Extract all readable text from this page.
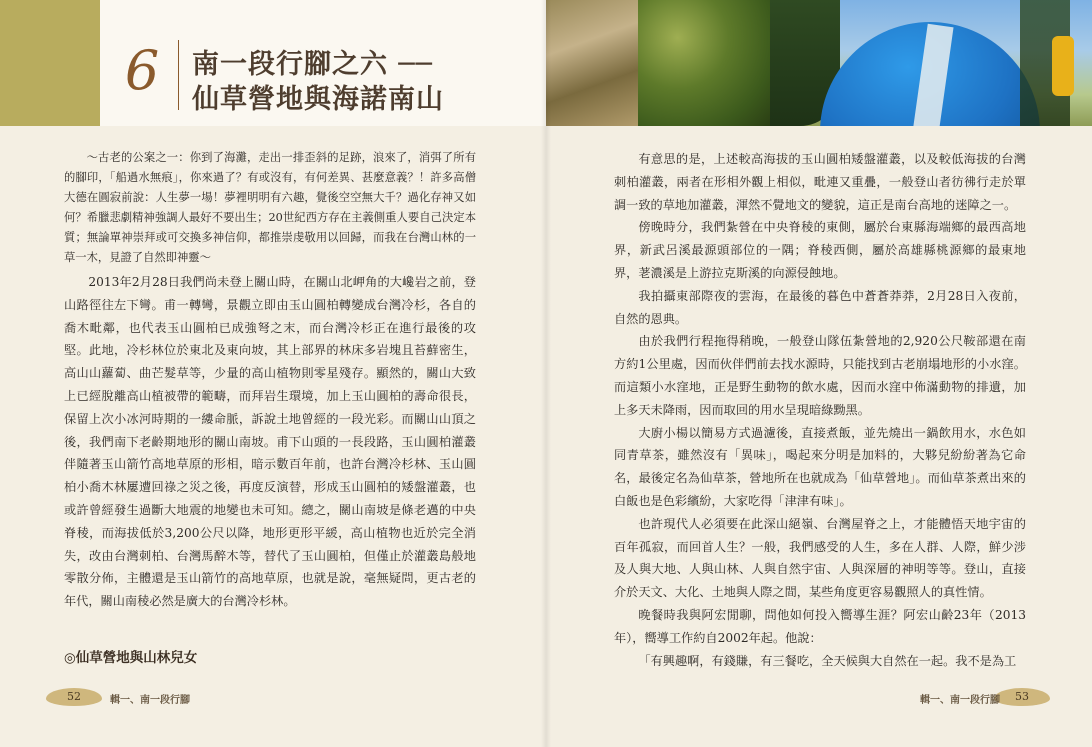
6 南一段行腳之六 ──
仙草營地與海諾南山

～古老的公案之一：你到了海灘，走出一排歪斜的足跡，浪來了，消弭了所有的腳印，「船過水無痕」，你來過了？有或沒有，有何差異、甚麼意義？！許多高僧大德在圓寂前說：人生夢一場！夢裡明明有六趣，覺後空空無大千？過化存神又如何？希臘悲劇精神強調人最好不要出生；20世紀西方存在主義側重人要自己決定本質；無論單神崇拜或可交換多神信仰，都推崇虔敬用以回歸，而我在台灣山林的一草一木，見證了自然即神靈～

2013年2月28日我們尚未登上關山時，在關山北岬角的大巉岩之前，登山路徑往左下彎。甫一轉彎，景觀立即由玉山圓柏轉變成台灣冷杉，各自的喬木毗鄰，也代表玉山圓柏已成強弩之末，而台灣冷杉正在進行最後的攻堅。此地，冷杉林位於東北及東向坡，其上部界的林床多岩塊且苔蘚密生，高山山蘿蔔、曲芒髮草等，少量的高山植物則零星殘存。顯然的，關山大致上已經脫離高山植被帶的範疇，而拜岩生環境，加上玉山圓柏的壽命很長，保留上次小冰河時期的一縷命脈，訴說土地曾經的一段光彩。而關山山頂之後，我們南下老齡期地形的關山南坡。甫下山頭的一長段路，玉山圓柏灌叢伴隨著玉山箭竹高地草原的形相，暗示數百年前，也許台灣冷杉林、玉山圓柏小喬木林屢遭回祿之災之後，再度反演替，形成玉山圓柏的矮盤灌叢，也或許曾經發生過斷大地震的地變也未可知。總之，關山南坡是條老邁的中央脊稜，而海拔低於3,200公尺以降，地形更形平緩，高山植物也近於完全消失，改由台灣刺柏、台灣馬醉木等，替代了玉山圓柏，但僅止於灌叢島般地零散分佈，主體還是玉山箭竹的高地草原，也就是說，毫無疑問，更古老的年代，關山南稜必然是廣大的台灣冷杉林。

◎仙草營地與山林兒女
52	輯一、南一段行腳

有意思的是，上述較高海拔的玉山圓柏矮盤灌叢，以及較低海拔的台灣刺柏灌叢，兩者在形相外觀上相似，毗連又重疊，一般登山者彷彿行走於單調一致的草地加灌叢，渾然不覺地文的變貌，這正是南台高地的迷障之一。

傍晚時分，我們紮營在中央脊稜的東側，屬於台東縣海端鄉的最西高地界，新武呂溪最源頭部位的一隅；脊稜西側，屬於高雄縣桃源鄉的最東地界，荖濃溪是上游拉克斯溪的向源侵蝕地。

我拍攝東部際夜的雲海，在最後的暮色中蒼蒼莽莽，2月28日入夜前，自然的恩典。

由於我們行程拖得稍晚，一般登山隊伍紮營地的2,920公尺鞍部還在南方約1公里處，因而伙伴們前去找水源時，只能找到古老崩塌地形的小水窪。而這類小水窪地，正是野生動物的飲水處，因而水窪中佈滿動物的排遺，加上多天未降雨，因而取回的用水呈現暗綠黝黑。

大廚小楊以簡易方式過濾後，直接煮飯，並先燒出一鍋飲用水，水色如同青草茶，雖然沒有「異味」，喝起來分明是加料的，大夥兒紛紛著為它命名，最後定名為仙草茶，營地所在也就成為「仙草營地」。而仙草茶煮出來的白飯也是色彩繽紛，大家吃得「津津有味」。

也許現代人必須要在此深山絕嶺、台灣屋脊之上，才能體悟天地宇宙的百年孤寂，而回首人生？一般，我們感受的人生，多在人群、人際，鮮少涉及人與大地、人與山林、人與自然宇宙、人與深層的神明等等。登山，直接介於天文、大化、土地與人際之間，某些角度更容易觀照人的真性情。

晚餐時我與阿宏閒聊，問他如何投入嚮導生涯？阿宏山齡23年（2013年），嚮導工作約自2002年起。他說：

「有興趣啊，有錢賺，有三餐吃，全天候與大自然在一起。我不是為工

53
輯一、南一段行腳
